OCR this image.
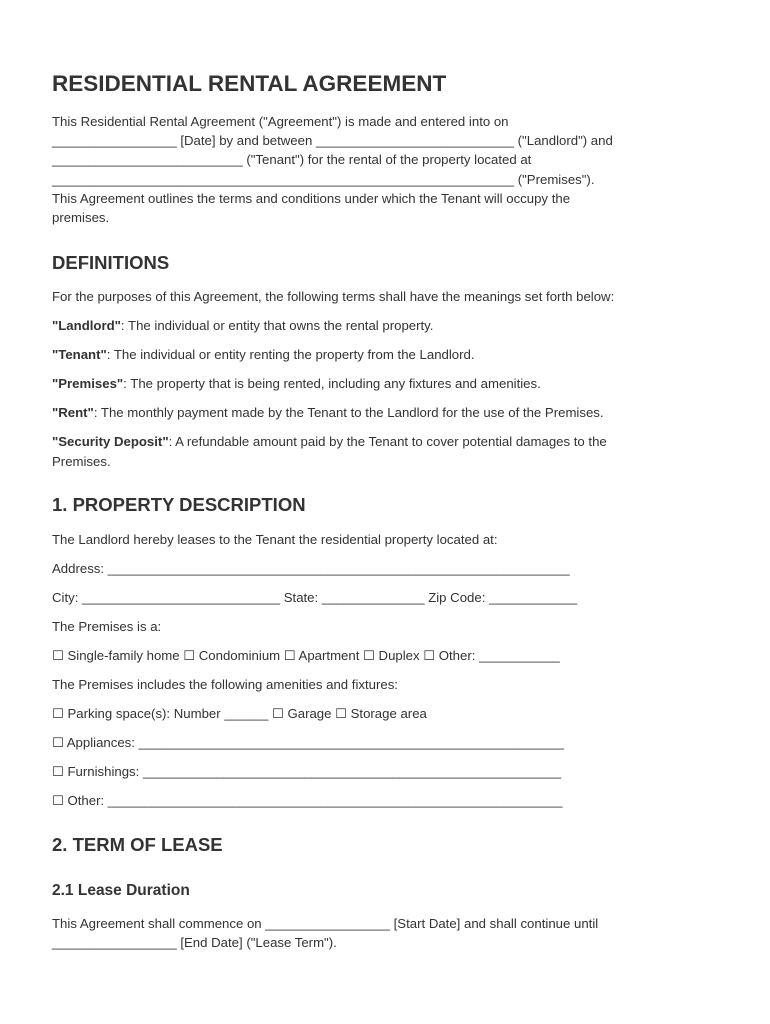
RESIDENTIAL RENTAL AGREEMENT
This Residential Rental Agreement ("Agreement") is made and entered into on
_________________ [Date] by and between ___________________________ ("Landlord") and
__________________________ ("Tenant") for the rental of the property located at
_______________________________________________________________ ("Premises").
This Agreement outlines the terms and conditions under which the Tenant will occupy the
premises.
DEFINITIONS
For the purposes of this Agreement, the following terms shall have the meanings set forth below:
"Landlord": The individual or entity that owns the rental property.
"Tenant": The individual or entity renting the property from the Landlord.
"Premises": The property that is being rented, including any fixtures and amenities.
"Rent": The monthly payment made by the Tenant to the Landlord for the use of the Premises.
"Security Deposit": A refundable amount paid by the Tenant to cover potential damages to the
Premises.
1. PROPERTY DESCRIPTION
The Landlord hereby leases to the Tenant the residential property located at:
Address: _______________________________________________________________
City: ___________________________ State: ______________ Zip Code: ____________
The Premises is a:
☐ Single-family home ☐ Condominium ☐ Apartment ☐ Duplex ☐ Other: ___________
The Premises includes the following amenities and fixtures:
☐ Parking space(s): Number ______ ☐ Garage ☐ Storage area
☐ Appliances: __________________________________________________________
☐ Furnishings: _________________________________________________________
☐ Other: ______________________________________________________________
2. TERM OF LEASE
2.1 Lease Duration
This Agreement shall commence on _________________ [Start Date] and shall continue until
_________________ [End Date] ("Lease Term").
